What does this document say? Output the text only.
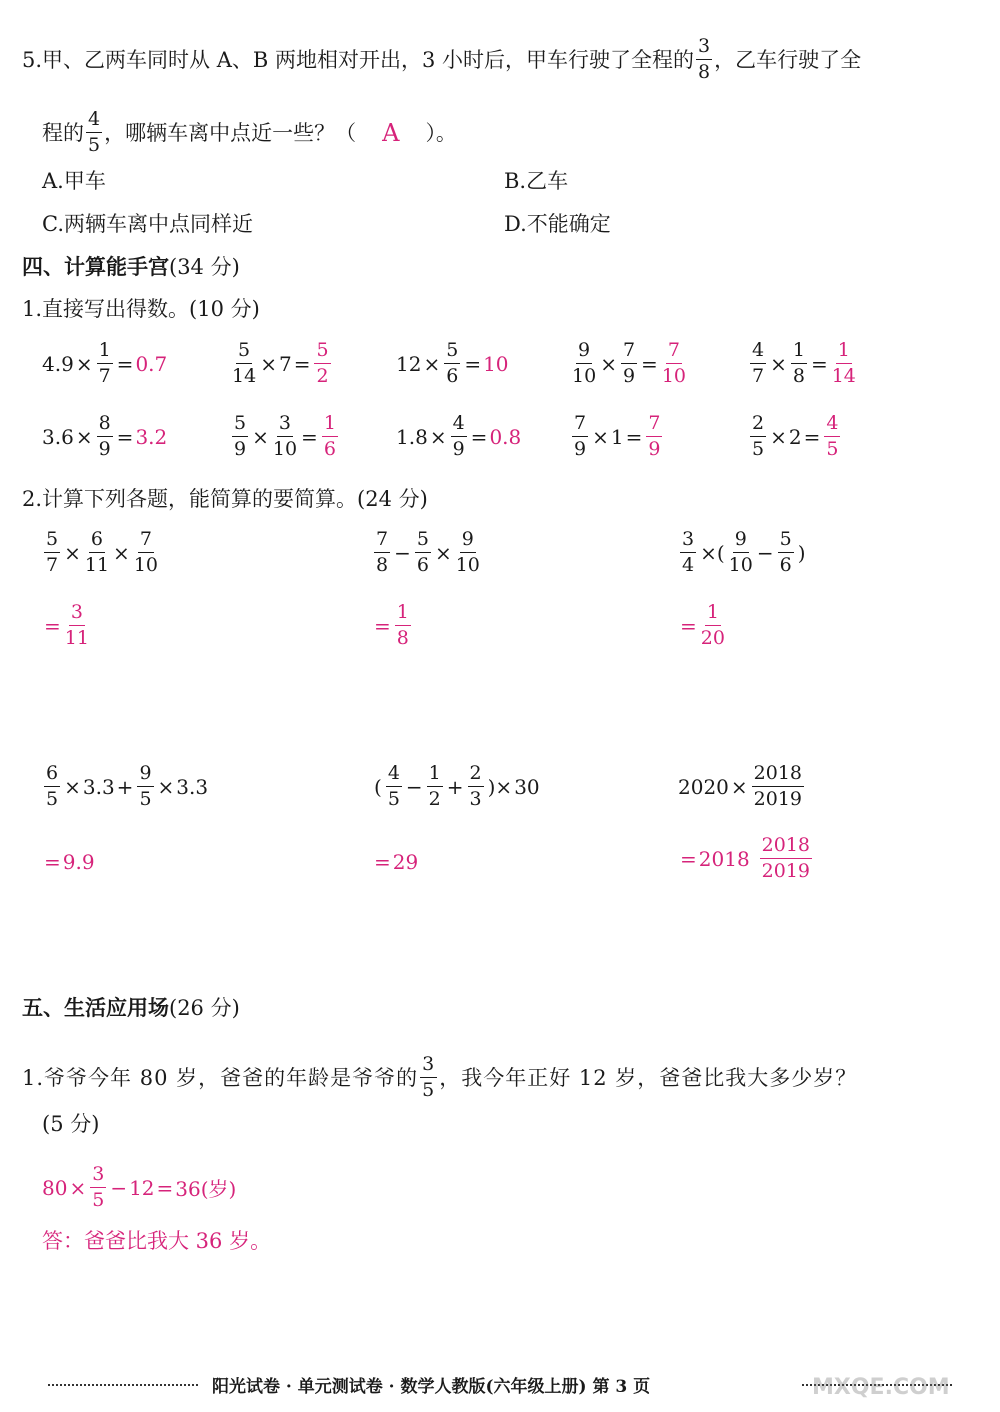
5.甲、乙两车同时从 A、B 两地相对开出，3 小时后，甲车行驶了全程的 $\frac{3}{8}$ ，乙车行驶了全
程的 $\frac{4}{5}$ ，哪辆车离中点近一些？（	A	）。
A.甲车	B.乙车
C.两辆车离中点同样近	D.不能确定
四、计算能手宫(34 分)
1.直接写出得数。(10 分)
$4.9 \times \frac{1}{7} = 0.7$	$\frac{5}{14} \times 7 = \frac{5}{2}$	$12 \times \frac{5}{6} = 10$	$\frac{9}{10} \times \frac{7}{9} = \frac{7}{10}$	$\frac{4}{7} \times \frac{1}{8} = \frac{1}{14}$
$3.6 \times \frac{8}{9} = 3.2$	$\frac{5}{9} \times \frac{3}{10} = \frac{1}{6}$	$1.8 \times \frac{4}{9} = 0.8$	$\frac{7}{9} \times 1 = \frac{7}{9}$	$\frac{2}{5} \times 2 = \frac{4}{5}$
2.计算下列各题，能简算的要简算。(24 分)
$\frac{5}{7} \times \frac{6}{11} \times \frac{7}{10}$
= $\frac{3}{11}$
$\frac{7}{8} - \frac{5}{6} \times \frac{9}{10}$
= $\frac{1}{8}$
$\frac{3}{4}$ ×( $\frac{9}{10} - \frac{5}{6}$ )
= $\frac{1}{20}$
$\frac{6}{5} \times 3.3 + \frac{9}{5} \times 3.3$
= 9.9
( $\frac{4}{5} - \frac{1}{2} + \frac{2}{3}$ )× 30
= 29
$2020 \times \frac{2018}{2019}$
= $2018 \frac{2018}{2019}$
五、生活应用场(26 分)
1.爷爷今年 80 岁，爸爸的年龄是爷爷的 $\frac{3}{5}$ ，我今年正好 12 岁，爸爸比我大多少岁？
(5 分)
$80 \times \frac{3}{5} - 12 = 36$(岁)
答：爸爸比我大 36 岁。
阳光试卷 · 单元测试卷 · 数学人教版(六年级上册) 第 3 页	MXQE.COM
